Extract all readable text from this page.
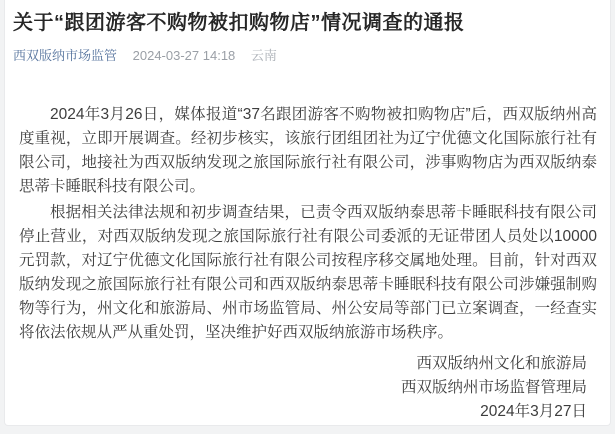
关于“跟团游客不购物被扣购物店”情况调查的通报
西双版纳市场监管 2024-03-27 14:18 云南

2024年3月26日，媒体报道“37名跟团游客不购物被扣购物店”后，西双版纳州高度重视，立即开展调查。经初步核实，该旅行团组团社为辽宁优德文化国际旅行社有限公司，地接社为西双版纳发现之旅国际旅行社有限公司，涉事购物店为西双版纳泰思蒂卡睡眠科技有限公司。

根据相关法律法规和初步调查结果，已责令西双版纳泰思蒂卡睡眠科技有限公司停止营业，对西双版纳发现之旅国际旅行社有限公司委派的无证带团人员处以10000元罚款，对辽宁优德文化国际旅行社有限公司按程序移交属地处理。目前，针对西双版纳发现之旅国际旅行社有限公司和西双版纳泰思蒂卡睡眠科技有限公司涉嫌强制购物等行为，州文化和旅游局、州市场监管局、州公安局等部门已立案调查，一经查实将依法依规从严从重处罚，坚决维护好西双版纳旅游市场秩序。

西双版纳州文化和旅游局
西双版纳州市场监督管理局
2024年3月27日
